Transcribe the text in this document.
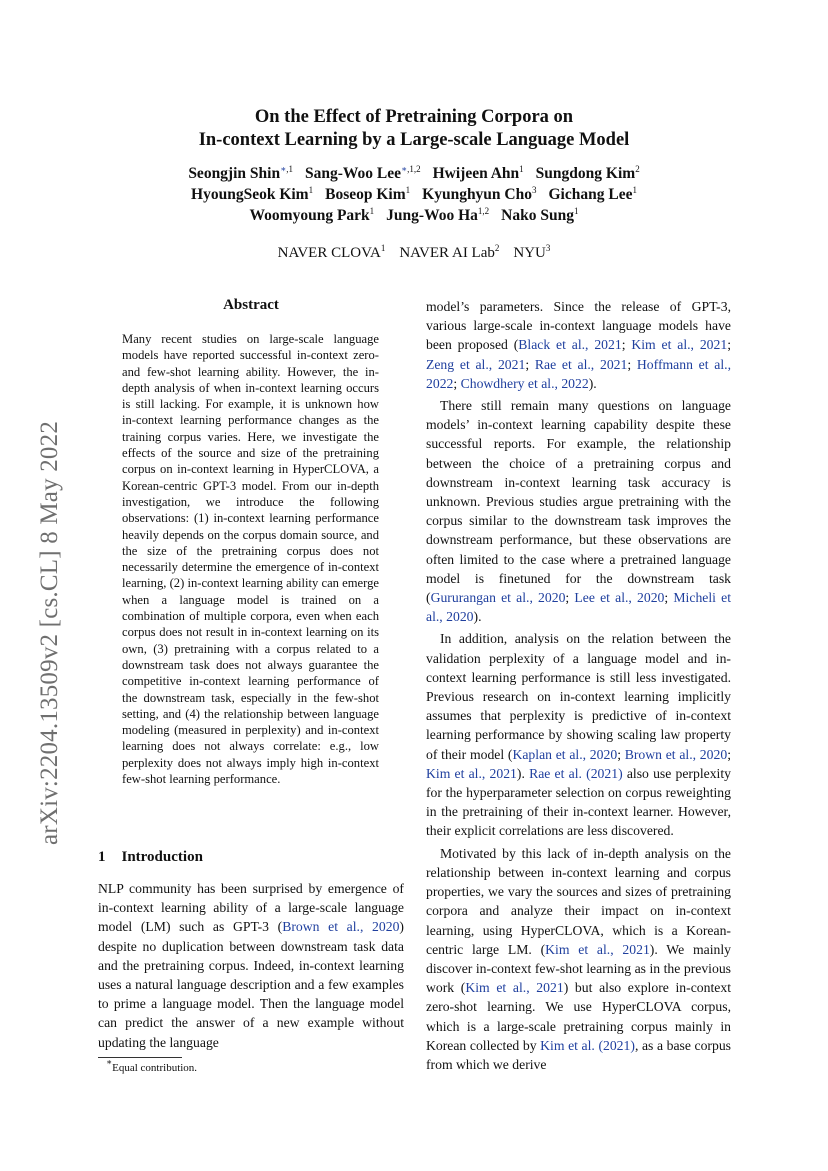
arXiv:2204.13509v2 [cs.CL] 8 May 2022
On the Effect of Pretraining Corpora on
In-context Learning by a Large-scale Language Model
Seongjin Shin$^{∗,1}$ Sang-Woo Lee$^{∗,1,2}$ Hwijeen Ahn$^1$ Sungdong Kim$^2$
HyoungSeok Kim$^1$ Boseop Kim$^1$ Kyunghyun Cho$^3$ Gichang Lee$^1$
Woomyoung Park$^1$ Jung-Woo Ha$^{1,2}$ Nako Sung$^1$
NAVER CLOVA$^1$ NAVER AI Lab$^2$ NYU$^3$
Abstract
Many recent studies on large-scale language models have reported successful in-context zero- and few-shot learning ability. However, the in-depth analysis of when in-context learning occurs is still lacking. For example, it is unknown how in-context learning performance changes as the training corpus varies. Here, we investigate the effects of the source and size of the pretraining corpus on in-context learning in HyperCLOVA, a Korean-centric GPT-3 model. From our in-depth investigation, we introduce the following observations: (1) in-context learning performance heavily depends on the corpus domain source, and the size of the pretraining corpus does not necessarily determine the emergence of in-context learning, (2) in-context learning ability can emerge when a language model is trained on a combination of multiple corpora, even when each corpus does not result in in-context learning on its own, (3) pretraining with a corpus related to a downstream task does not always guarantee the competitive in-context learning performance of the downstream task, especially in the few-shot setting, and (4) the relationship between language modeling (measured in perplexity) and in-context learning does not always correlate: e.g., low perplexity does not always imply high in-context few-shot learning performance.
1 Introduction
NLP community has been surprised by emergence of in-context learning ability of a large-scale language model (LM) such as GPT-3 (Brown et al., 2020) despite no duplication between downstream task data and the pretraining corpus. Indeed, in-context learning uses a natural language description and a few examples to prime a language model. Then the language model can predict the answer of a new example without updating the language
∗Equal contribution.

model’s parameters. Since the release of GPT-3, various large-scale in-context language models have been proposed (Black et al., 2021; Kim et al., 2021; Zeng et al., 2021; Rae et al., 2021; Hoffmann et al., 2022; Chowdhery et al., 2022).

There still remain many questions on language models’ in-context learning capability despite these successful reports. For example, the relationship between the choice of a pretraining corpus and downstream in-context learning task accuracy is unknown. Previous studies argue pretraining with the corpus similar to the downstream task improves the downstream performance, but these observations are often limited to the case where a pretrained language model is finetuned for the downstream task (Gururangan et al., 2020; Lee et al., 2020; Micheli et al., 2020).

In addition, analysis on the relation between the validation perplexity of a language model and in-context learning performance is still less investigated. Previous research on in-context learning implicitly assumes that perplexity is predictive of in-context learning performance by showing scaling law property of their model (Kaplan et al., 2020; Brown et al., 2020; Kim et al., 2021). Rae et al. (2021) also use perplexity for the hyperparameter selection on corpus reweighting in the pretraining of their in-context learner. However, their explicit correlations are less discovered.

Motivated by this lack of in-depth analysis on the relationship between in-context learning and corpus properties, we vary the sources and sizes of pretraining corpora and analyze their impact on in-context learning, using HyperCLOVA, which is a Korean-centric large LM. (Kim et al., 2021). We mainly discover in-context few-shot learning as in the previous work (Kim et al., 2021) but also explore in-context zero-shot learning. We use HyperCLOVA corpus, which is a large-scale pretraining corpus mainly in Korean collected by Kim et al. (2021), as a base corpus from which we derive
